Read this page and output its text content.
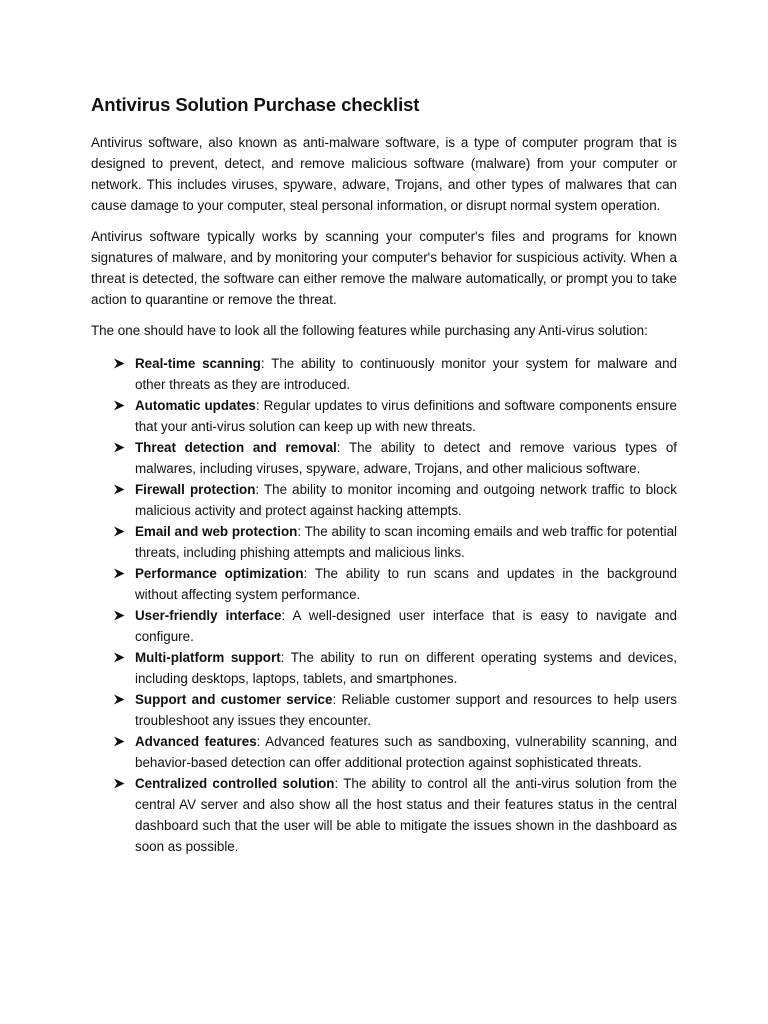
Antivirus Solution Purchase checklist

Antivirus software, also known as anti-malware software, is a type of computer program that is designed to prevent, detect, and remove malicious software (malware) from your computer or network. This includes viruses, spyware, adware, Trojans, and other types of malwares that can cause damage to your computer, steal personal information, or disrupt normal system operation.

Antivirus software typically works by scanning your computer's files and programs for known signatures of malware, and by monitoring your computer's behavior for suspicious activity. When a threat is detected, the software can either remove the malware automatically, or prompt you to take action to quarantine or remove the threat.

The one should have to look all the following features while purchasing any Anti-virus solution:

Real-time scanning: The ability to continuously monitor your system for malware and other threats as they are introduced.
Automatic updates: Regular updates to virus definitions and software components ensure that your anti-virus solution can keep up with new threats.
Threat detection and removal: The ability to detect and remove various types of malwares, including viruses, spyware, adware, Trojans, and other malicious software.
Firewall protection: The ability to monitor incoming and outgoing network traffic to block malicious activity and protect against hacking attempts.
Email and web protection: The ability to scan incoming emails and web traffic for potential threats, including phishing attempts and malicious links.
Performance optimization: The ability to run scans and updates in the background without affecting system performance.
User-friendly interface: A well-designed user interface that is easy to navigate and configure.
Multi-platform support: The ability to run on different operating systems and devices, including desktops, laptops, tablets, and smartphones.
Support and customer service: Reliable customer support and resources to help users troubleshoot any issues they encounter.
Advanced features: Advanced features such as sandboxing, vulnerability scanning, and behavior-based detection can offer additional protection against sophisticated threats.
Centralized controlled solution: The ability to control all the anti-virus solution from the central AV server and also show all the host status and their features status in the central dashboard such that the user will be able to mitigate the issues shown in the dashboard as soon as possible.
